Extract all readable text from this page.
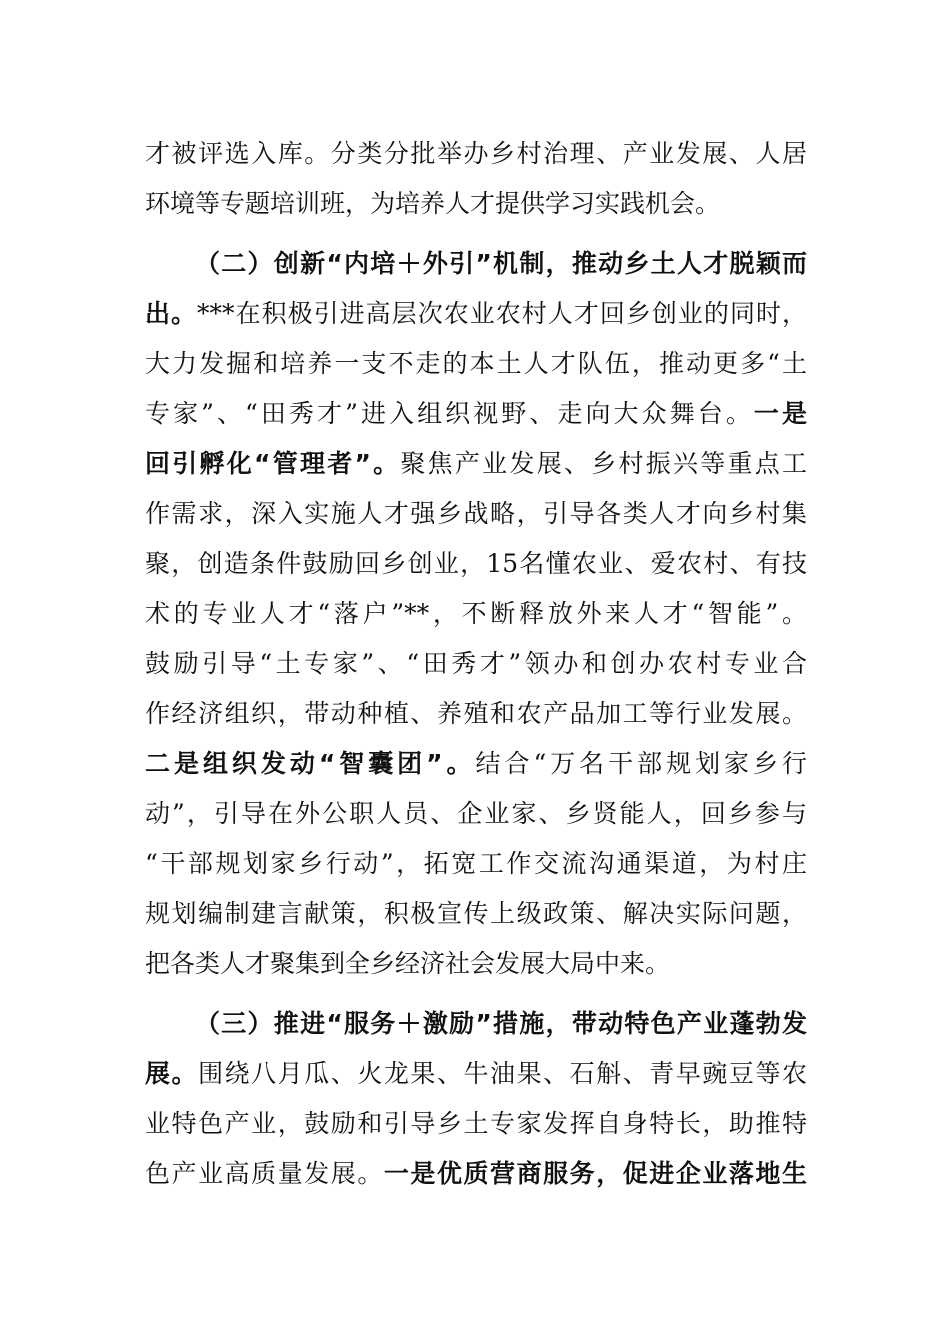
才被评选入库。分类分批举办乡村治理、产业发展、人居
环境等专题培训班，为培养人才提供学习实践机会。
（二）创新“内培＋外引”机制，推动乡土人才脱颖而
出。***在积极引进高层次农业农村人才回乡创业的同时，
大力发掘和培养一支不走的本土人才队伍，推动更多“土
专家”、“田秀才”进入组织视野、走向大众舞台。一是
回引孵化“管理者”。聚焦产业发展、乡村振兴等重点工
作需求，深入实施人才强乡战略，引导各类人才向乡村集
聚，创造条件鼓励回乡创业，15名懂农业、爱农村、有技
术的专业人才“落户”**，不断释放外来人才“智能”。
鼓励引导“土专家”、“田秀才”领办和创办农村专业合
作经济组织，带动种植、养殖和农产品加工等行业发展。
二是组织发动“智囊团”。结合“万名干部规划家乡行
动”，引导在外公职人员、企业家、乡贤能人，回乡参与
“干部规划家乡行动”，拓宽工作交流沟通渠道，为村庄
规划编制建言献策，积极宣传上级政策、解决实际问题，
把各类人才聚集到全乡经济社会发展大局中来。
（三）推进“服务＋激励”措施，带动特色产业蓬勃发
展。围绕八月瓜、火龙果、牛油果、石斛、青早豌豆等农
业特色产业，鼓励和引导乡土专家发挥自身特长，助推特
色产业高质量发展。一是优质营商服务，促进企业落地生
